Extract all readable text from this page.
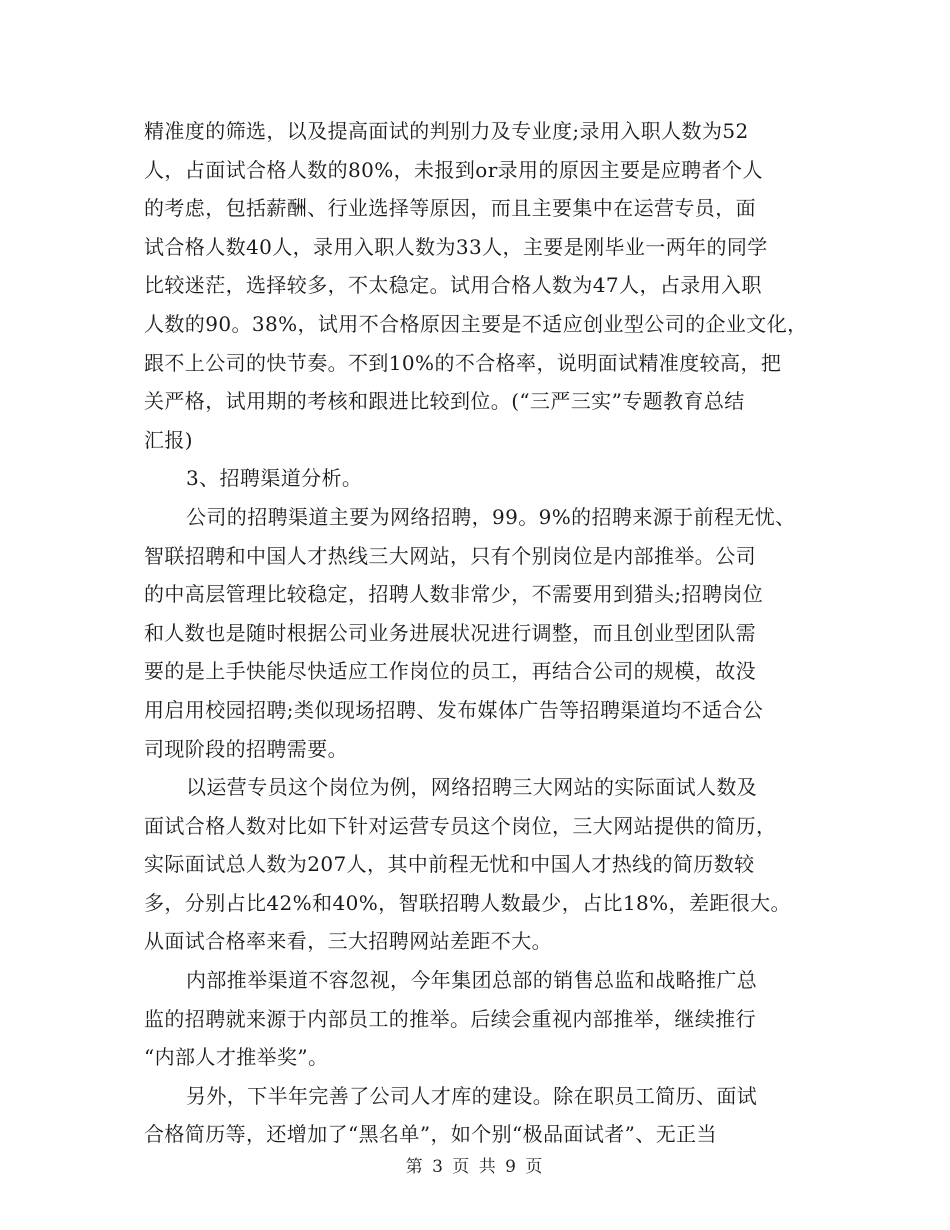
精准度的筛选，以及提高面试的判别力及专业度;录用入职人数为52
人，占面试合格人数的80%，未报到or录用的原因主要是应聘者个人
的考虑，包括薪酬、行业选择等原因，而且主要集中在运营专员，面
试合格人数40人，录用入职人数为33人，主要是刚毕业一两年的同学
比较迷茫，选择较多，不太稳定。试用合格人数为47人，占录用入职
人数的90。38%，试用不合格原因主要是不适应创业型公司的企业文化，
跟不上公司的快节奏。不到10%的不合格率，说明面试精准度较高，把
关严格，试用期的考核和跟进比较到位。(“三严三实”专题教育总结
汇报)
3、招聘渠道分析。
公司的招聘渠道主要为网络招聘，99。9%的招聘来源于前程无忧、
智联招聘和中国人才热线三大网站，只有个别岗位是内部推举。公司
的中高层管理比较稳定，招聘人数非常少，不需要用到猎头;招聘岗位
和人数也是随时根据公司业务进展状况进行调整，而且创业型团队需
要的是上手快能尽快适应工作岗位的员工，再结合公司的规模，故没
用启用校园招聘;类似现场招聘、发布媒体广告等招聘渠道均不适合公
司现阶段的招聘需要。
以运营专员这个岗位为例，网络招聘三大网站的实际面试人数及
面试合格人数对比如下针对运营专员这个岗位，三大网站提供的简历，
实际面试总人数为207人，其中前程无忧和中国人才热线的简历数较
多，分别占比42%和40%，智联招聘人数最少，占比18%，差距很大。
从面试合格率来看，三大招聘网站差距不大。
内部推举渠道不容忽视，今年集团总部的销售总监和战略推广总
监的招聘就来源于内部员工的推举。后续会重视内部推举，继续推行
“内部人才推举奖”。
另外，下半年完善了公司人才库的建设。除在职员工简历、面试
合格简历等，还增加了“黑名单”，如个别“极品面试者”、无正当
第 3 页 共 9 页
